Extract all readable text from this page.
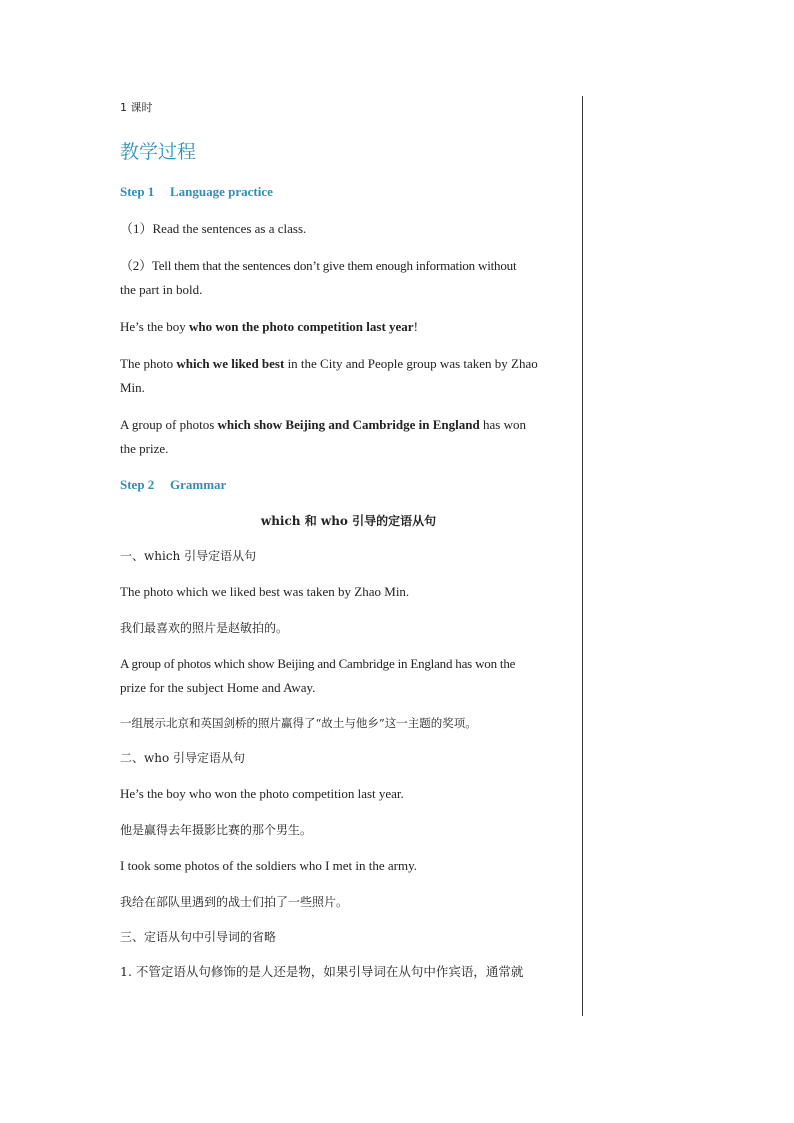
1 课时

教学过程

Step 1 Language practice

（1）Read the sentences as a class.

（2）Tell them that the sentences don’t give them enough information without

the part in bold.

He’s the boy who won the photo competition last year!

The photo which we liked best in the City and People group was taken by Zhao

Min.

A group of photos which show Beijing and Cambridge in England has won

the prize.

Step 2 Grammar

which 和 who 引导的定语从句

一、which 引导定语从句

The photo which we liked best was taken by Zhao Min.

我们最喜欢的照片是赵敏拍的。

A group of photos which show Beijing and Cambridge in England has won the

prize for the subject Home and Away.

一组展示北京和英国剑桥的照片赢得了“故土与他乡”这一主题的奖项。

二、who 引导定语从句

He’s the boy who won the photo competition last year.

他是赢得去年摄影比赛的那个男生。

I took some photos of the soldiers who I met in the army.

我给在部队里遇到的战士们拍了一些照片。

三、定语从句中引导词的省略

1. 不管定语从句修饰的是人还是物，如果引导词在从句中作宾语，通常就
